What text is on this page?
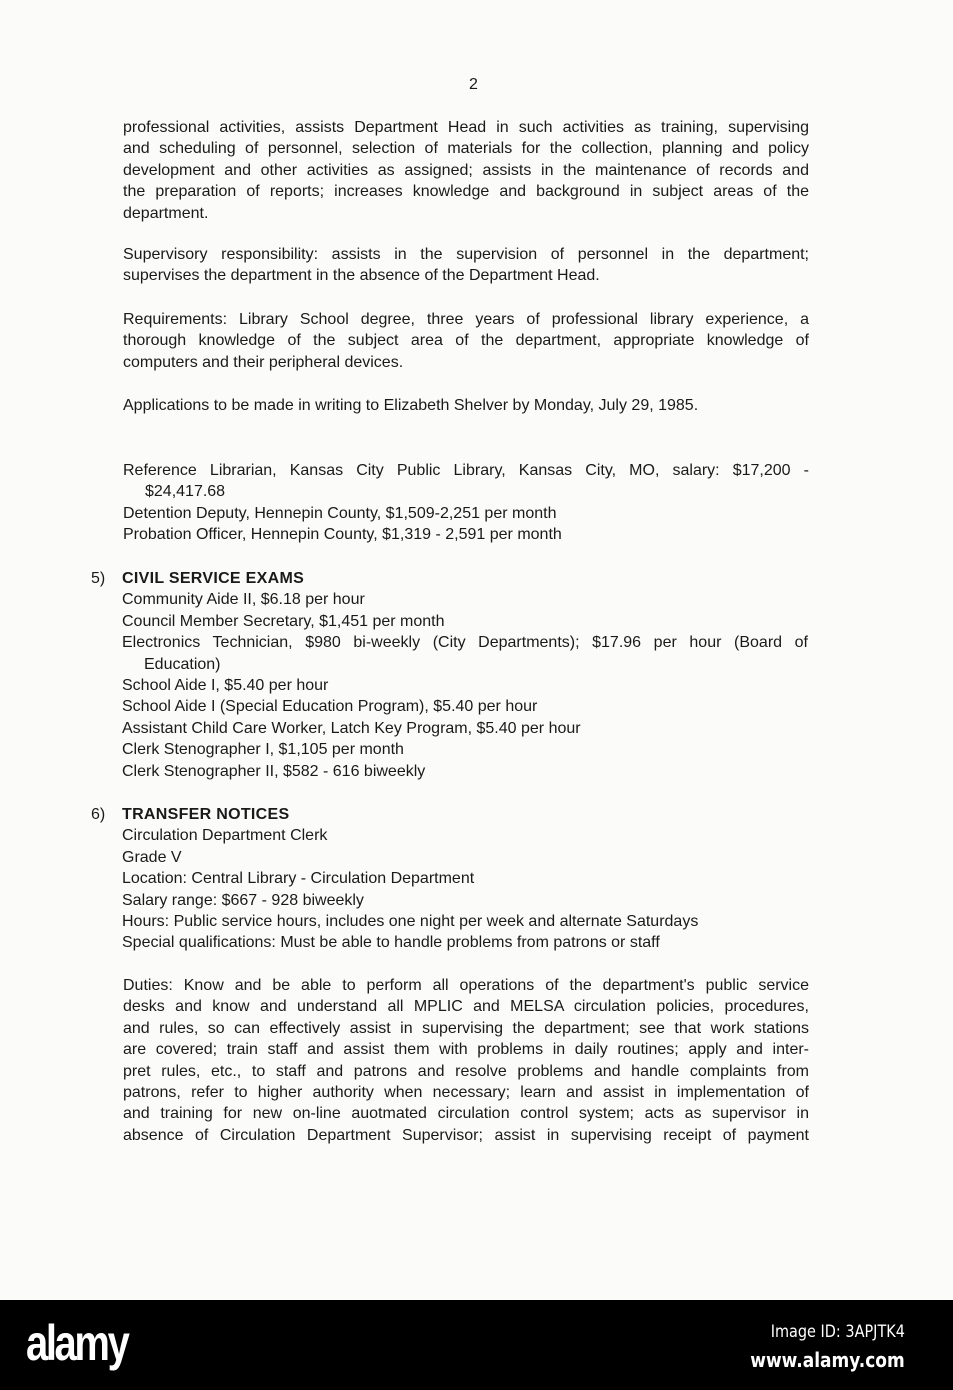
2
professional activities, assists Department Head in such activities as training, supervising
and scheduling of personnel, selection of materials for the collection, planning and policy
development and other activities as assigned; assists in the maintenance of records and
the preparation of reports; increases knowledge and background in subject areas of the
department.
Supervisory responsibility: assists in the supervision of personnel in the department;
supervises the department in the absence of the Department Head.
Requirements: Library School degree, three years of professional library experience, a
thorough knowledge of the subject area of the department, appropriate knowledge of
computers and their peripheral devices.
Applications to be made in writing to Elizabeth Shelver by Monday, July 29, 1985.
Reference Librarian, Kansas City Public Library, Kansas City, MO, salary: $17,200 -
$24,417.68
Detention Deputy, Hennepin County, $1,509-2,251 per month
Probation Officer, Hennepin County, $1,319 - 2,591 per month
5) CIVIL SERVICE EXAMS
Community Aide II, $6.18 per hour
Council Member Secretary, $1,451 per month
Electronics Technician, $980 bi-weekly (City Departments); $17.96 per hour (Board of
Education)
School Aide I, $5.40 per hour
School Aide I (Special Education Program), $5.40 per hour
Assistant Child Care Worker, Latch Key Program, $5.40 per hour
Clerk Stenographer I, $1,105 per month
Clerk Stenographer II, $582 - 616 biweekly
6) TRANSFER NOTICES
Circulation Department Clerk
Grade V
Location: Central Library - Circulation Department
Salary range: $667 - 928 biweekly
Hours: Public service hours, includes one night per week and alternate Saturdays
Special qualifications: Must be able to handle problems from patrons or staff
Duties: Know and be able to perform all operations of the department's public service
desks and know and understand all MPLIC and MELSA circulation policies, procedures,
and rules, so can effectively assist in supervising the department; see that work stations
are covered; train staff and assist them with problems in daily routines; apply and inter-
pret rules, etc., to staff and patrons and resolve problems and handle complaints from
patrons, refer to higher authority when necessary; learn and assist in implementation of
and training for new on-line auotmated circulation control system; acts as supervisor in
absence of Circulation Department Supervisor; assist in supervising receipt of payment
alamy	Image ID: 3APJTK4
www.alamy.com
